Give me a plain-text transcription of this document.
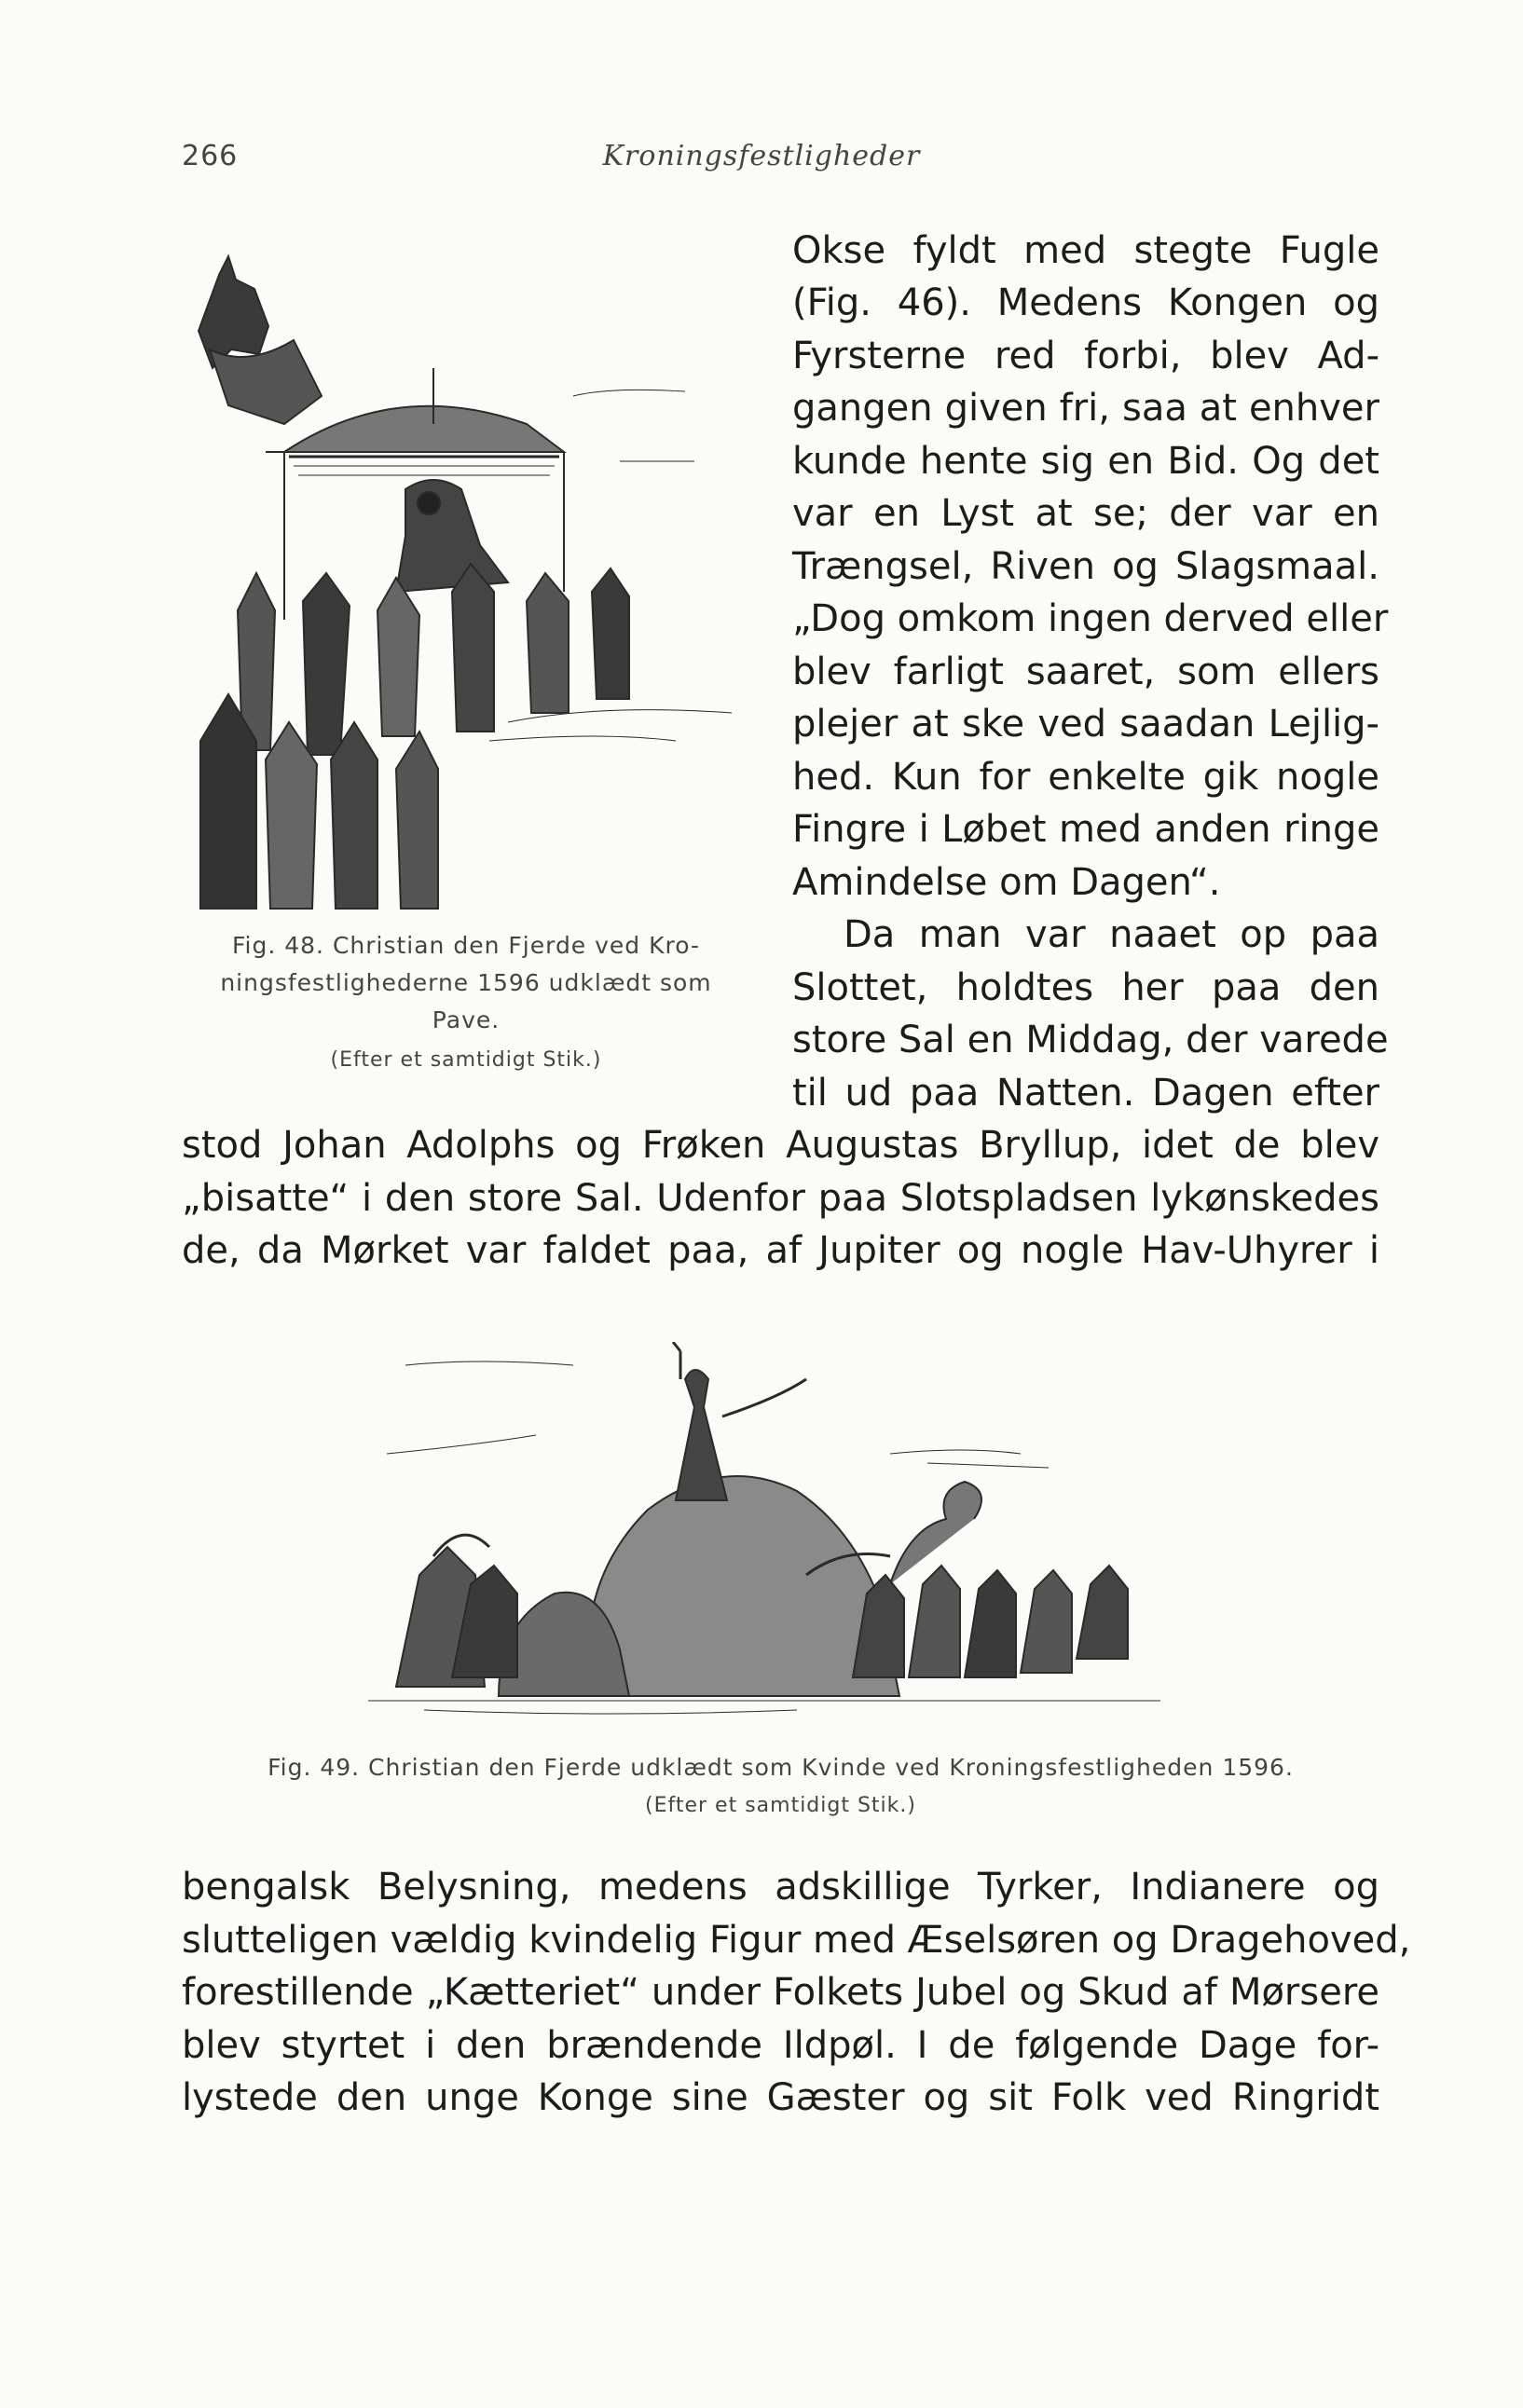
266	Kroningsfestligheder
Fig. 48. Christian den Fjerde ved Kro-
ningsfestlighederne 1596 udklædt som
Pave.
(Efter et samtidigt Stik.)
Okse fyldt med stegte Fugle
(Fig. 46). Medens Kongen og
Fyrsterne red forbi, blev Ad-
gangen given fri, saa at enhver
kunde hente sig en Bid. Og det
var en Lyst at se; der var en
Trængsel, Riven og Slagsmaal.
„Dog omkom ingen derved eller
blev farligt saaret, som ellers
plejer at ske ved saadan Lejlig-
hed. Kun for enkelte gik nogle
Fingre i Løbet med anden ringe
Amindelse om Dagen“.
Da man var naaet op paa
Slottet, holdtes her paa den
store Sal en Middag, der varede
til ud paa Natten. Dagen efter
stod Johan Adolphs og Frøken Augustas Bryllup, idet de blev
„bisatte“ i den store Sal. Udenfor paa Slotspladsen lykønskedes
de, da Mørket var faldet paa, af Jupiter og nogle Hav-Uhyrer i
Fig. 49. Christian den Fjerde udklædt som Kvinde ved Kroningsfestligheden 1596.
(Efter et samtidigt Stik.)
bengalsk Belysning, medens adskillige Tyrker, Indianere og
slutteligen vældig kvindelig Figur med Æselsøren og Dragehoved,
forestillende „Kætteriet“ under Folkets Jubel og Skud af Mørsere
blev styrtet i den brændende Ildpøl. I de følgende Dage for-
lystede den unge Konge sine Gæster og sit Folk ved Ringridt
